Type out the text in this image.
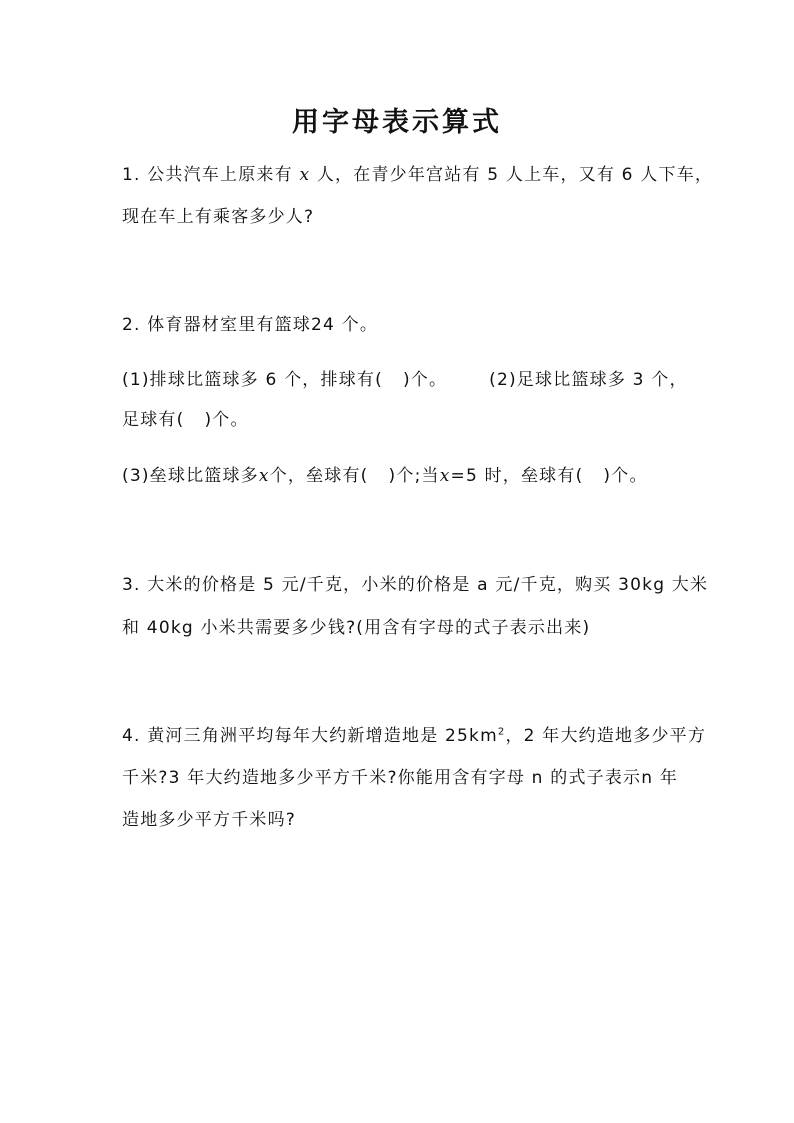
用字母表示算式
1. 公共汽车上原来有 x 人，在青少年宫站有 5 人上车，又有 6 人下车，
现在车上有乘客多少人?
2. 体育器材室里有篮球24 个。
(1)排球比篮球多 6 个，排球有( )个。 (2)足球比篮球多 3 个，
足球有( )个。
(3)垒球比篮球多x个，垒球有( )个;当x=5 时，垒球有( )个。
3. 大米的价格是 5 元/千克，小米的价格是 a 元/千克，购买 30kg 大米
和 40kg 小米共需要多少钱?(用含有字母的式子表示出来)
4. 黄河三角洲平均每年大约新增造地是 $25km^2$，2 年大约造地多少平方
千米?3 年大约造地多少平方千米?你能用含有字母 n 的式子表示n 年
造地多少平方千米吗?
